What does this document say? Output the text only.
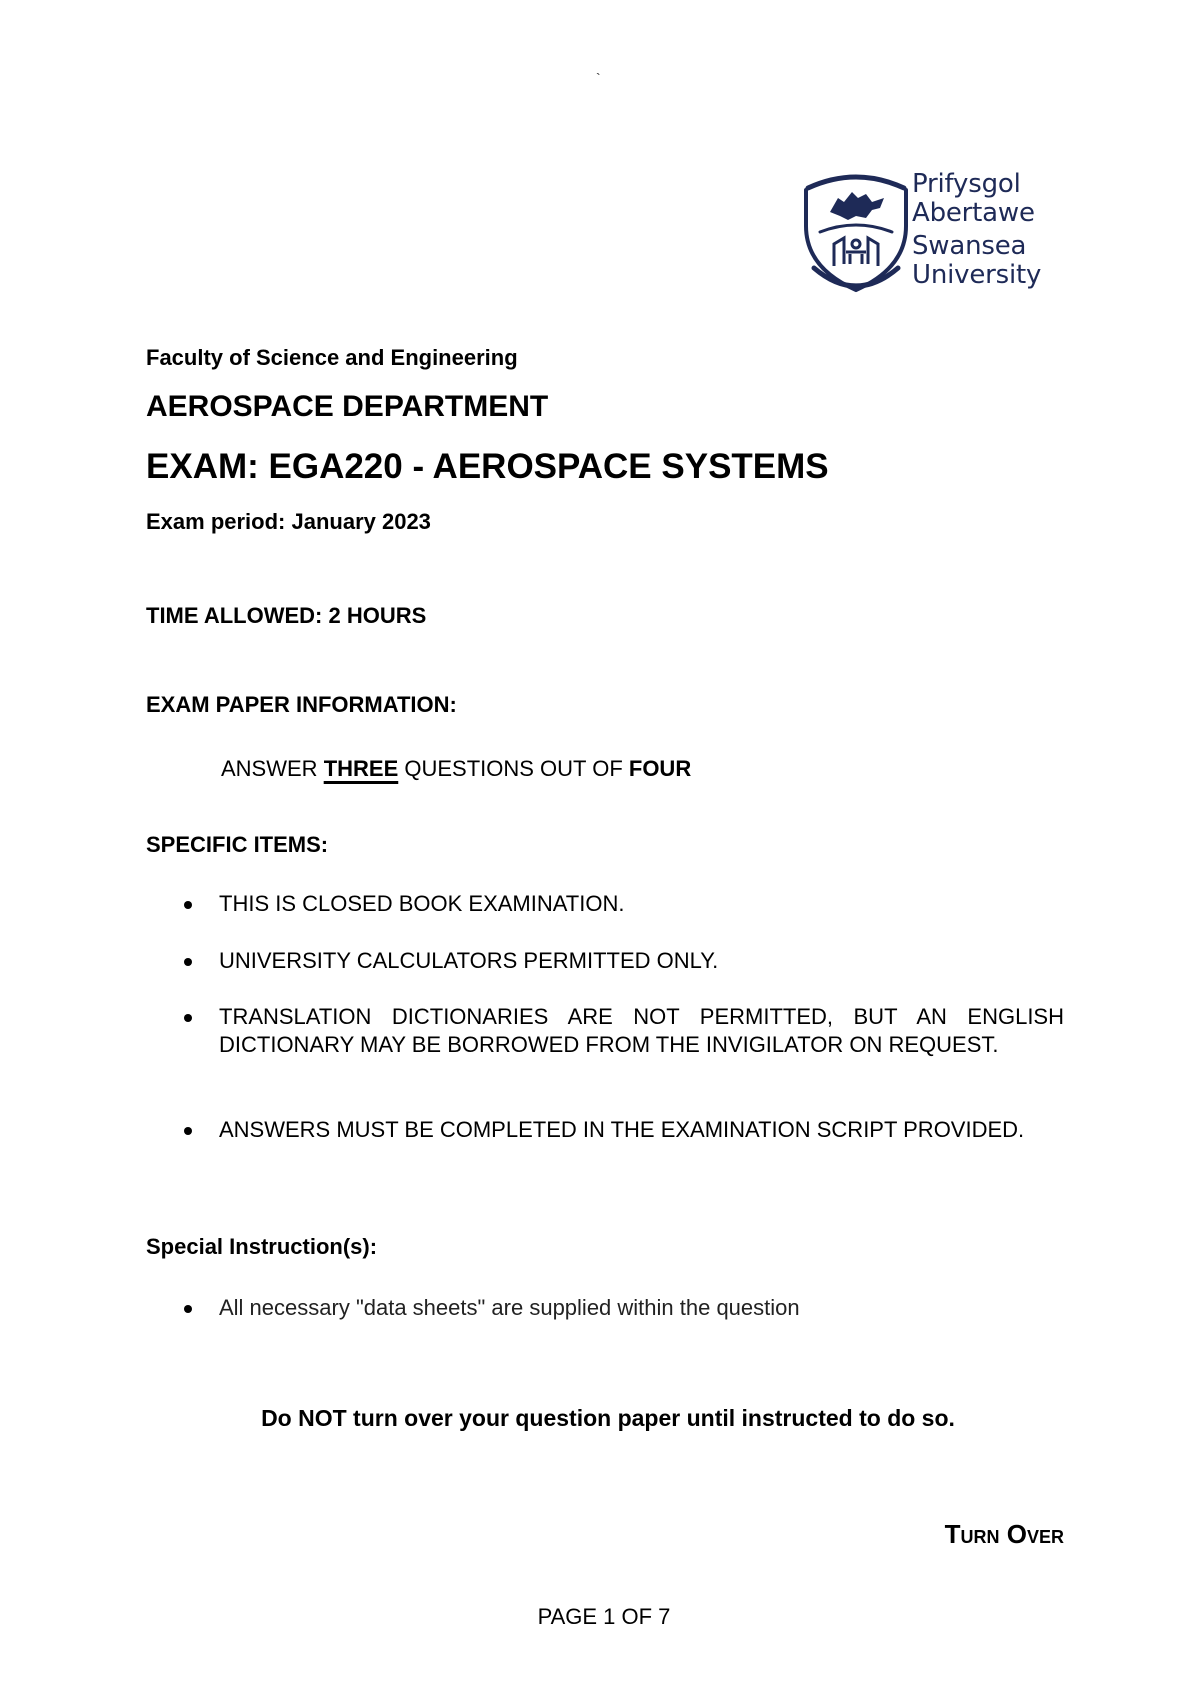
`
Prifysgol
Abertawe
Swansea
University
Faculty of Science and Engineering
AEROSPACE DEPARTMENT
EXAM: EGA220 - AEROSPACE SYSTEMS
Exam period: January 2023
TIME ALLOWED: 2 HOURS
EXAM PAPER INFORMATION:
ANSWER THREE QUESTIONS OUT OF FOUR
SPECIFIC ITEMS:
THIS IS CLOSED BOOK EXAMINATION.
UNIVERSITY CALCULATORS PERMITTED ONLY.
TRANSLATION DICTIONARIES ARE NOT PERMITTED, BUT AN ENGLISH DICTIONARY MAY BE BORROWED FROM THE INVIGILATOR ON REQUEST.
ANSWERS MUST BE COMPLETED IN THE EXAMINATION SCRIPT PROVIDED.
All necessary "data sheets" are supplied within the question
Special Instruction(s):
Do NOT turn over your question paper until instructed to do so.
Turn Over
PAGE 1 OF 7
